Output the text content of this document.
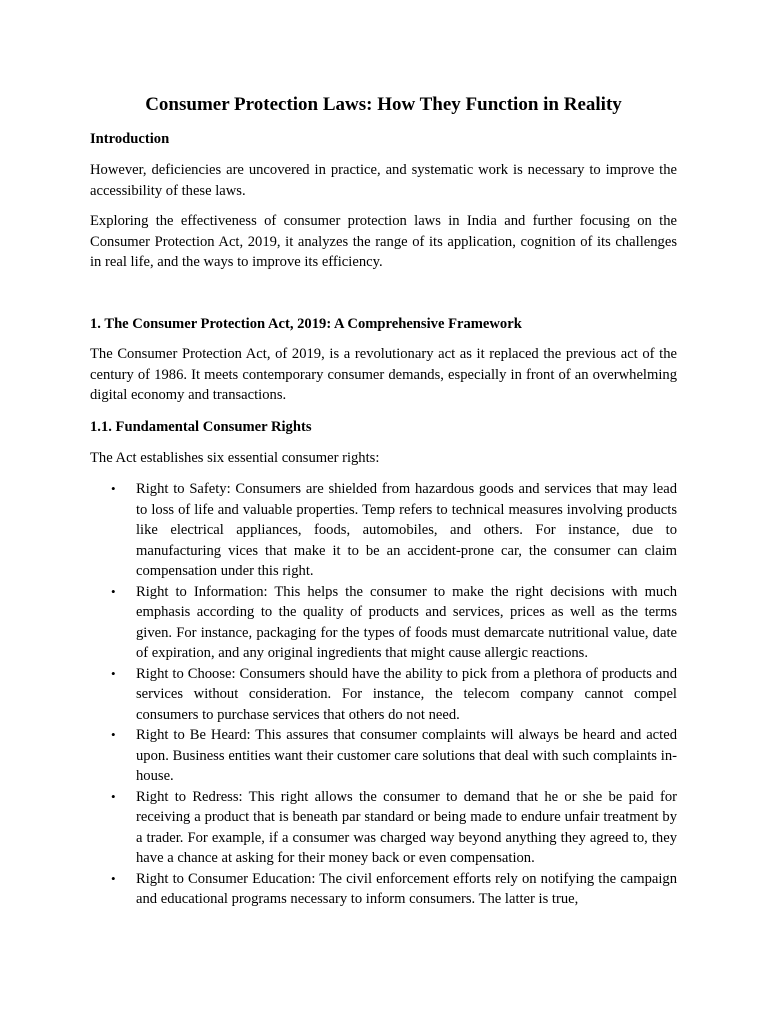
Consumer Protection Laws: How They Function in Reality
Introduction

However, deficiencies are uncovered in practice, and systematic work is necessary to improve the accessibility of these laws.

Exploring the effectiveness of consumer protection laws in India and further focusing on the Consumer Protection Act, 2019, it analyzes the range of its application, cognition of its challenges in real life, and the ways to improve its efficiency.

1. The Consumer Protection Act, 2019: A Comprehensive Framework

The Consumer Protection Act, of 2019, is a revolutionary act as it replaced the previous act of the century of 1986. It meets contemporary consumer demands, especially in front of an overwhelming digital economy and transactions.

1.1. Fundamental Consumer Rights

The Act establishes six essential consumer rights:

• Right to Safety: Consumers are shielded from hazardous goods and services that may lead to loss of life and valuable properties. Temp refers to technical measures involving products like electrical appliances, foods, automobiles, and others. For instance, due to manufacturing vices that make it to be an accident-prone car, the consumer can claim compensation under this right.
• Right to Information: This helps the consumer to make the right decisions with much emphasis according to the quality of products and services, prices as well as the terms given. For instance, packaging for the types of foods must demarcate nutritional value, date of expiration, and any original ingredients that might cause allergic reactions.
• Right to Choose: Consumers should have the ability to pick from a plethora of products and services without consideration. For instance, the telecom company cannot compel consumers to purchase services that others do not need.
• Right to Be Heard: This assures that consumer complaints will always be heard and acted upon. Business entities want their customer care solutions that deal with such complaints in-house.
• Right to Redress: This right allows the consumer to demand that he or she be paid for receiving a product that is beneath par standard or being made to endure unfair treatment by a trader. For example, if a consumer was charged way beyond anything they agreed to, they have a chance at asking for their money back or even compensation.
• Right to Consumer Education: The civil enforcement efforts rely on notifying the campaign and educational programs necessary to inform consumers. The latter is true,
